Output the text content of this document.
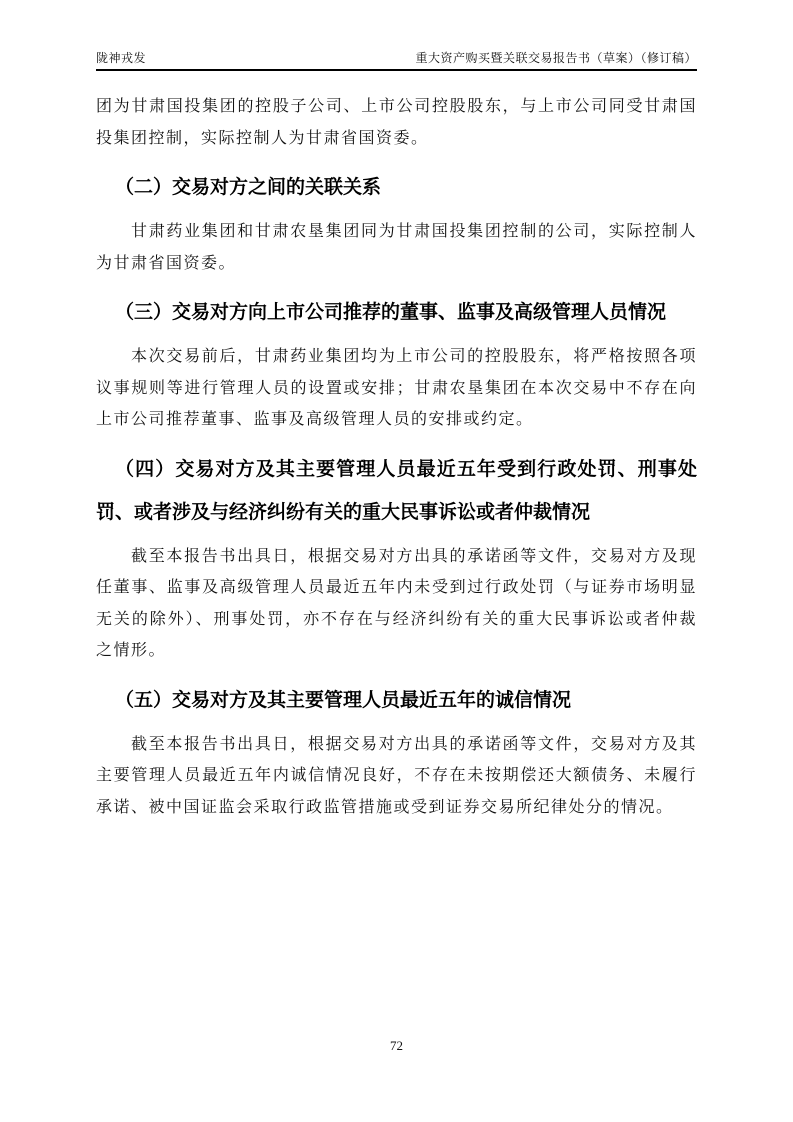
陇神戎发	重大资产购买暨关联交易报告书（草案）（修订稿）

团为甘肃国投集团的控股子公司、上市公司控股股东，与上市公司同受甘肃国投集团控制，实际控制人为甘肃省国资委。

（二）交易对方之间的关联关系

甘肃药业集团和甘肃农垦集团同为甘肃国投集团控制的公司，实际控制人为甘肃省国资委。

（三）交易对方向上市公司推荐的董事、监事及高级管理人员情况

本次交易前后，甘肃药业集团均为上市公司的控股股东，将严格按照各项议事规则等进行管理人员的设置或安排；甘肃农垦集团在本次交易中不存在向上市公司推荐董事、监事及高级管理人员的安排或约定。

（四）交易对方及其主要管理人员最近五年受到行政处罚、刑事处罚、或者涉及与经济纠纷有关的重大民事诉讼或者仲裁情况

截至本报告书出具日，根据交易对方出具的承诺函等文件，交易对方及现任董事、监事及高级管理人员最近五年内未受到过行政处罚（与证券市场明显无关的除外）、刑事处罚，亦不存在与经济纠纷有关的重大民事诉讼或者仲裁之情形。

（五）交易对方及其主要管理人员最近五年的诚信情况

截至本报告书出具日，根据交易对方出具的承诺函等文件，交易对方及其主要管理人员最近五年内诚信情况良好，不存在未按期偿还大额债务、未履行承诺、被中国证监会采取行政监管措施或受到证券交易所纪律处分的情况。

72
